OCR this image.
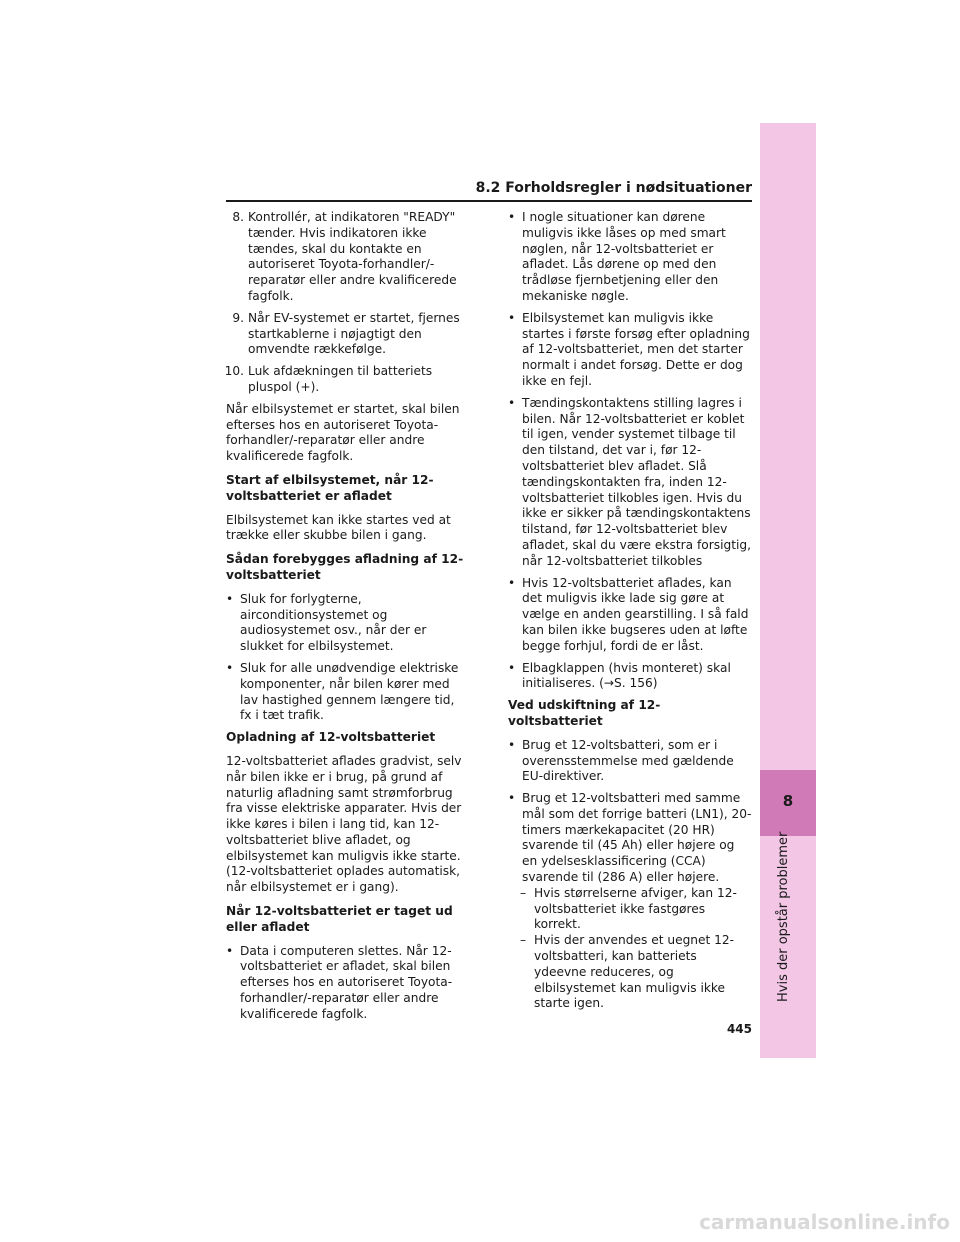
8.2 Forholdsregler i nødsituationer
8. Kontrollér, at indikatoren "READY" tænder. Hvis indikatoren ikke tændes, skal du kontakte en autoriseret Toyota-forhandler/-reparatør eller andre kvalificerede fagfolk.
9. Når EV-systemet er startet, fjernes startkablerne i nøjagtigt den omvendte rækkefølge.
10. Luk afdækningen til batteriets pluspol (+).

Når elbilsystemet er startet, skal bilen efterses hos en autoriseret Toyota-forhandler/-reparatør eller andre kvalificerede fagfolk.

Start af elbilsystemet, når 12-voltsbatteriet er afladet

Elbilsystemet kan ikke startes ved at trække eller skubbe bilen i gang.

Sådan forebygges afladning af 12-voltsbatteriet

• Sluk for forlygterne, airconditionsystemet og audiosystemet osv., når der er slukket for elbilsystemet.
• Sluk for alle unødvendige elektriske komponenter, når bilen kører med lav hastighed gennem længere tid, fx i tæt trafik.

Opladning af 12-voltsbatteriet

12-voltsbatteriet aflades gradvist, selv når bilen ikke er i brug, på grund af naturlig afladning samt strømforbrug fra visse elektriske apparater. Hvis der ikke køres i bilen i lang tid, kan 12-voltsbatteriet blive afladet, og elbilsystemet kan muligvis ikke starte. (12-voltsbatteriet oplades automatisk, når elbilsystemet er i gang).

Når 12-voltsbatteriet er taget ud eller afladet

• Data i computeren slettes. Når 12-voltsbatteriet er afladet, skal bilen efterses hos en autoriseret Toyota-forhandler/-reparatør eller andre kvalificerede fagfolk.
• I nogle situationer kan dørene muligvis ikke låses op med smart nøglen, når 12-voltsbatteriet er afladet. Lås dørene op med den trådløse fjernbetjening eller den mekaniske nøgle.
• Elbilsystemet kan muligvis ikke startes i første forsøg efter opladning af 12-voltsbatteriet, men det starter normalt i andet forsøg. Dette er dog ikke en fejl.
• Tændingskontaktens stilling lagres i bilen. Når 12-voltsbatteriet er koblet til igen, vender systemet tilbage til den tilstand, det var i, før 12-voltsbatteriet blev afladet. Slå tændingskontakten fra, inden 12-voltsbatteriet tilkobles igen. Hvis du ikke er sikker på tændingskontaktens tilstand, før 12-voltsbatteriet blev afladet, skal du være ekstra forsigtig, når 12-voltsbatteriet tilkobles
• Hvis 12-voltsbatteriet aflades, kan det muligvis ikke lade sig gøre at vælge en anden gearstilling. I så fald kan bilen ikke bugseres uden at løfte begge forhjul, fordi de er låst.
• Elbagklappen (hvis monteret) skal initialiseres. (→S. 156)

Ved udskiftning af 12-voltsbatteriet

• Brug et 12-voltsbatteri, som er i overensstemmelse med gældende EU-direktiver.
• Brug et 12-voltsbatteri med samme mål som det forrige batteri (LN1), 20-timers mærkekapacitet (20 HR) svarende til (45 Ah) eller højere og en ydelsesklassificering (CCA) svarende til (286 A) eller højere.
– Hvis størrelserne afviger, kan 12-voltsbatteriet ikke fastgøres korrekt.
– Hvis der anvendes et uegnet 12-voltsbatteri, kan batteriets ydeevne reduceres, og elbilsystemet kan muligvis ikke starte igen.
8
Hvis der opstår problemer
445
carmanualsonline.info
